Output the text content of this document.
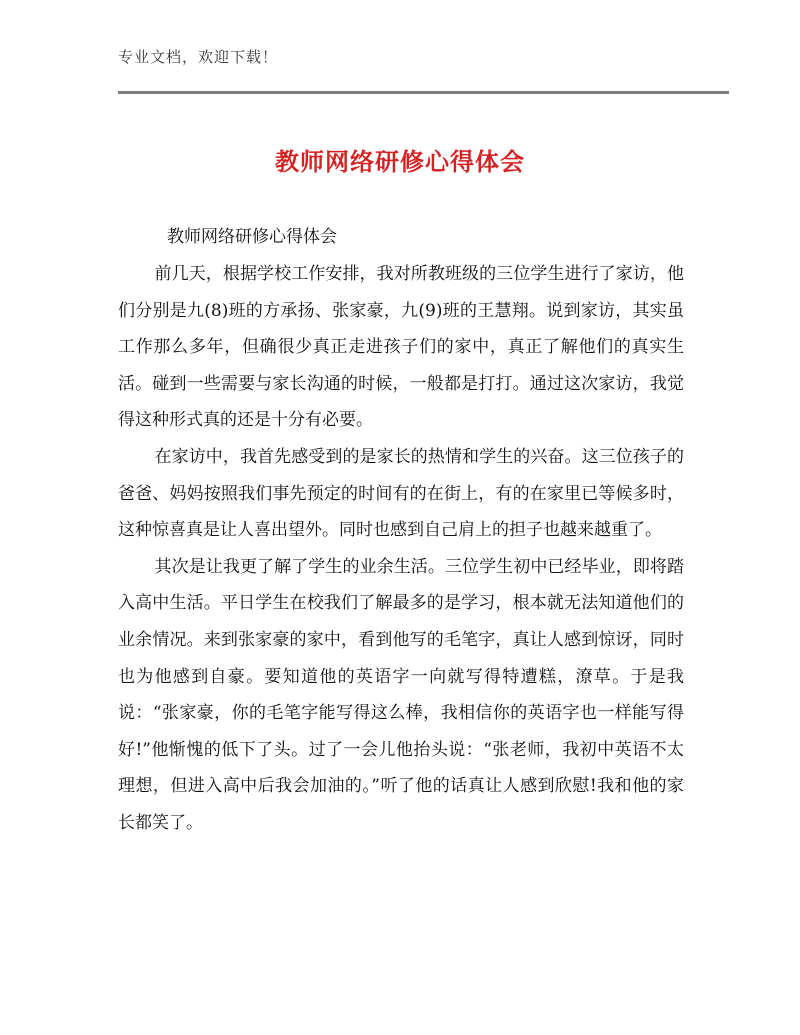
专业文档，欢迎下载！
教师网络研修心得体会
教师网络研修心得体会

前几天，根据学校工作安排，我对所教班级的三位学生进行了家访，他们分别是九(8)班的方承扬、张家豪，九(9)班的王慧翔。说到家访，其实虽工作那么多年，但确很少真正走进孩子们的家中，真正了解他们的真实生活。碰到一些需要与家长沟通的时候，一般都是打打。通过这次家访，我觉得这种形式真的还是十分有必要。

在家访中，我首先感受到的是家长的热情和学生的兴奋。这三位孩子的爸爸、妈妈按照我们事先预定的时间有的在街上，有的在家里已等候多时，这种惊喜真是让人喜出望外。同时也感到自己肩上的担子也越来越重了。

其次是让我更了解了学生的业余生活。三位学生初中已经毕业，即将踏入高中生活。平日学生在校我们了解最多的是学习，根本就无法知道他们的业余情况。来到张家豪的家中，看到他写的毛笔字，真让人感到惊讶，同时也为他感到自豪。要知道他的英语字一向就写得特遭糕，潦草。于是我说：“张家豪，你的毛笔字能写得这么棒，我相信你的英语字也一样能写得好!”他惭愧的低下了头。过了一会儿他抬头说：“张老师，我初中英语不太理想，但进入高中后我会加油的。”听了他的话真让人感到欣慰!我和他的家长都笑了。
